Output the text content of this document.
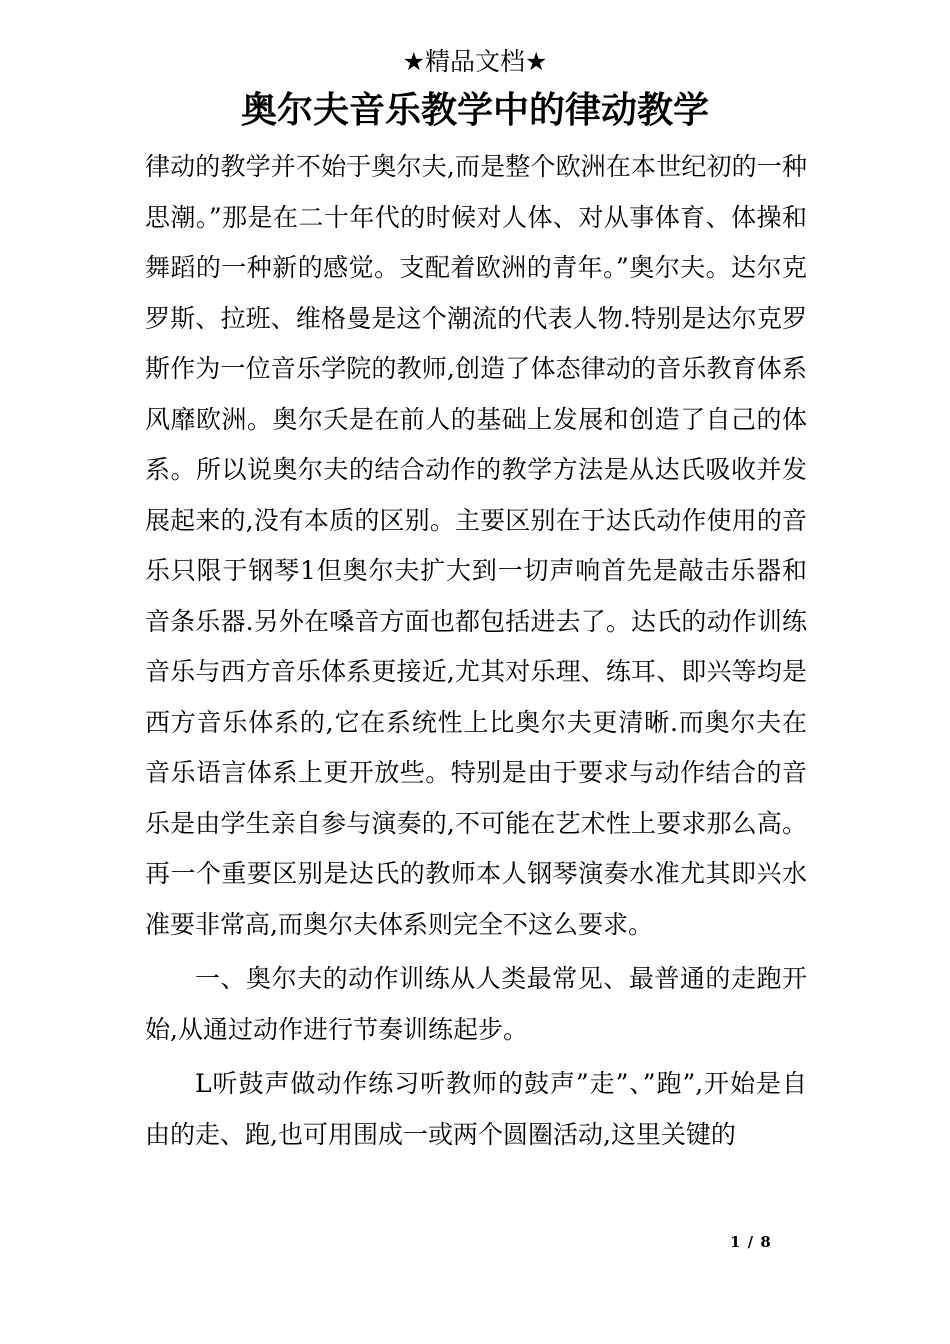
★精品文档★
奥尔夫音乐教学中的律动教学

律动的教学并不始于奥尔夫,而是整个欧洲在本世纪初的一种思潮。”那是在二十年代的时候对人体、对从事体育、体操和舞蹈的一种新的感觉。支配着欧洲的青年。”奥尔夫。达尔克罗斯、拉班、维格曼是这个潮流的代表人物.特别是达尔克罗斯作为一位音乐学院的教师,创造了体态律动的音乐教育体系风靡欧洲。奥尔夭是在前人的基础上发展和创造了自己的体系。所以说奥尔夫的结合动作的教学方法是从达氏吸收并发展起来的,没有本质的区别。主要区别在于达氏动作使用的音乐只限于钢琴1但奥尔夫扩大到一切声响首先是敲击乐器和音条乐器.另外在嗓音方面也都包括进去了。达氏的动作训练音乐与西方音乐体系更接近,尤其对乐理、练耳、即兴等均是西方音乐体系的,它在系统性上比奥尔夫更清晰.而奥尔夫在音乐语言体系上更开放些。特别是由于要求与动作结合的音乐是由学生亲自参与演奏的,不可能在艺术性上要求那么高。再一个重要区别是达氏的教师本人钢琴演奏水准尤其即兴水准要非常高,而奥尔夫体系则完全不这么要求。

一、奥尔夫的动作训练从人类最常见、最普通的走跑开始,从通过动作进行节奏训练起步。

L听鼓声做动作练习听教师的鼓声”走”、”跑”,开始是自由的走、跑,也可用围成一或两个圆圈活动,这里关键的

1 / 8
